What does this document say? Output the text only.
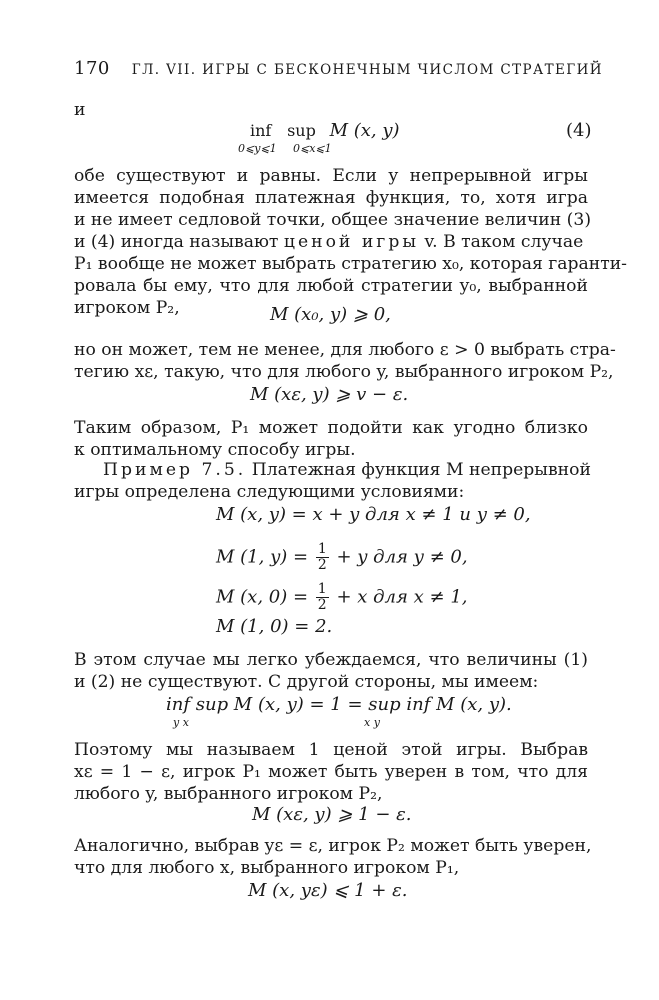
170 ГЛ. VII. ИГРЫ С БЕСКОНЕЧНЫМ ЧИСЛОМ СТРАТЕГИЙ
и
inf sup M (x, y)
0⩽y⩽1 0⩽x⩽1
(4)
обе существуют и равны. Если у непрерывной игры
имеется подобная платежная функция, то, хотя игра
и не имеет седловой точки, общее значение величин (3)
и (4) иногда называют ценой игры v. В таком случае
P₁ вообще не может выбрать стратегию x₀, которая гаранти-
ровала бы ему, что для любой стратегии y₀, выбранной
игроком P₂,	M (x₀, y) ⩾ 0,
но он может, тем не менее, для любого ε > 0 выбрать стра-
тегию xε, такую, что для любого y, выбранного игроком P₂,
M (xε, y) ⩾ v − ε.
Таким образом, P₁ может подойти как угодно близко
к оптимальному способу игры.
Пример 7.5. Платежная функция M непрерывной
игры определена следующими условиями:
M (x, y) = x + y для x ≠ 1 и y ≠ 0,
M (1, $y) = \frac{1}{2} + y$ для y ≠ 0,
M (x, $0) = \frac{1}{2} + x$ для x ≠ 1,
M (1, 0) = 2.
В этом случае мы легко убеждаемся, что величины (1)
и (2) не существуют. С другой стороны, мы имеем:
inf sup M (x, y) = 1 = sup inf M (x, y).
y x	x y
Поэтому мы называем 1 ценой этой игры. Выбрав
xε = 1 − ε, игрок P₁ может быть уверен в том, что для
любого y, выбранного игроком P₂,
M (xε, y) ⩾ 1 − ε.
Аналогично, выбрав yε = ε, игрок P₂ может быть уверен,
что для любого x, выбранного игроком P₁,
M (x, yε) ⩽ 1 + ε.
